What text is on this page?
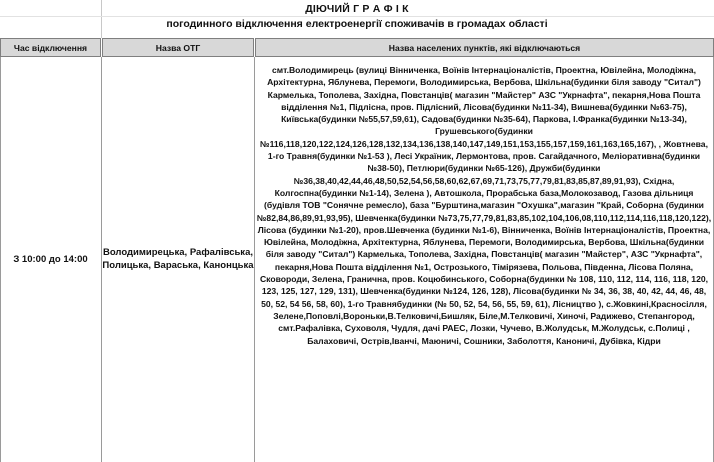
ДІЮЧИЙ Г Р А Ф І К
погодинного відключення електроенергії споживачів в громадах області
Час відключення	Назва ОТГ	Назва населених пунктів, які відключаються
З 10:00 до 14:00
Володимирецька, Рафалівська, Полицька, Вараська, Канонцька
смт.Володимирець (вулиці Вінниченка, Воїнів Інтернаціоналістів, Проектна, Ювілейна, Молодіжна, Архітектурна, Яблунева, Перемоги, Володимирська, Вербова, Шкільна(будинки біля заводу "Ситал") Кармелька, Тополева, Західна, Повстанців( магазин "Майстер" АЗС "Укрнафта", пекарня,Нова Пошта відділення №1, Підлісна, пров. Підлісний, Лісова(будинки №11-34), Вишнева(будинки №63-75), Київська(будинки №55,57,59,61), Садова(будинки №35-64), Паркова, І.Франка(будинки №13-34), Грушевського(будинки №116,118,120,122,124,126,128,132,134,136,138,140,147,149,151,153,155,157,159,161,163,165,167), , Жовтнева, 1-го Травня(будинки №1-53 ), Лесі Україник, Лермонтова, пров. Сагайдачного, Меліоративна(будинки №38-50), Петлюри(будинки №65-126), Дружби(будинки №36,38,40,42,44,46,48,50,52,54,56,58,60,62,67,69,71,73,75,77,79,81,83,85,87,89,91,93), Східна, Колгоспна(будинки №1-14), Зелена ), Автошкола, Прорабська база,Молокозавод, Газова дільниця (будівля ТОВ "Сонячне ремесло), база "Бурштина,магазин "Охушка",магазин "Край, Соборна (будинки №82,84,86,89,91,93,95), Шевченка(будинки №73,75,77,79,81,83,85,102,104,106,08,110,112,114,116,118,120,122), Лісова (будинки №1-20), пров.Шевченка (будинки №1-6), Вінниченка, Воїнів Інтернаціоналістів, Проектна, Ювілейна, Молодіжна, Архітектурна, Яблунева, Перемоги, Володимирська, Вербова, Шкільна(будинки біля заводу "Ситал") Кармелька, Тополева, Західна, Повстанців( магазин "Майстер", АЗС "Укрнафта", пекарня,Нова Пошта відділення №1, Острозького, Тімірязева, Польова, Південна, Лісова Поляна, Сковороди, Зелена, Гранична, пров. Коцюбинського, Соборна(будинки № 108, 110, 112, 114, 116, 118, 120, 123, 125, 127, 129, 131), Шевченка(будинки №124, 126, 128), Лісова(будинки № 34, 36, 38, 40, 42, 44, 46, 48, 50, 52, 54 56, 58, 60), 1-го Травнябудинки (№ 50, 52, 54, 56, 55, 59, 61), Лісництво ), с.Жовкині,Красносілля, Зелене,Поповлі,Вороньки,В.Телковичі,Бишляк, Біле,М.Телковичі, Хиночі, Радижево, Степангород, смт.Рафалівка, Суховоля, Чудля, дачі РАЕС, Лозки, Чучево, В.Жолудськ, М.Жолудськ, с.Полиці , Балаховичі, Острів,Іванчі, Маюничі, Сошники, Заболоття, Каноничі, Дубівка, Кідри
